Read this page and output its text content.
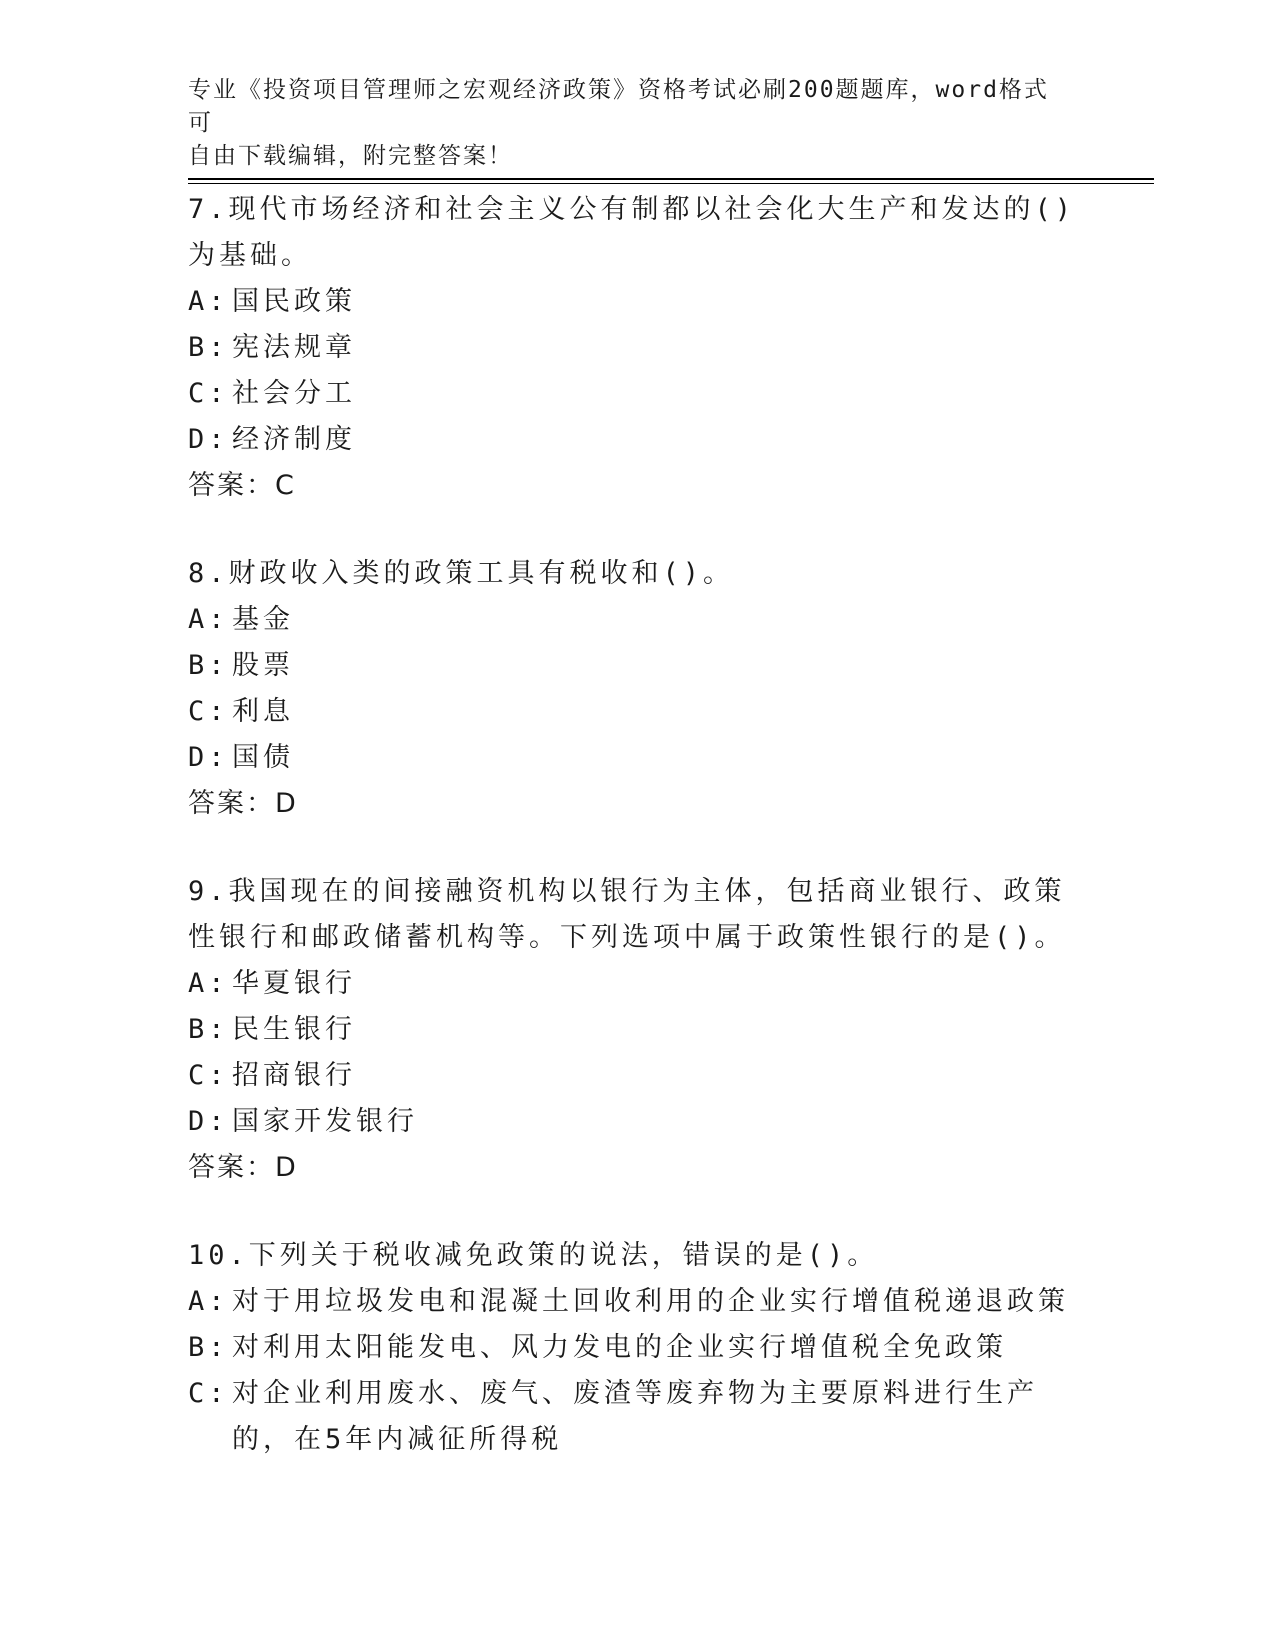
专业《投资项目管理师之宏观经济政策》资格考试必刷200题题库，word格式可
自由下载编辑，附完整答案！

7.现代市场经济和社会主义公有制都以社会化大生产和发达的()为基础。

A: 国民政策
B: 宪法规章
C: 社会分工
D: 经济制度

答案：C

8.财政收入类的政策工具有税收和()。

A: 基金
B: 股票
C: 利息
D: 国债

答案：D

9.我国现在的间接融资机构以银行为主体，包括商业银行、政策性银行和邮政储蓄机构等。下列选项中属于政策性银行的是()。

A: 华夏银行
B: 民生银行
C: 招商银行
D: 国家开发银行

答案：D

10.下列关于税收减免政策的说法，错误的是()。

A: 对于用垃圾发电和混凝土回收利用的企业实行增值税递退政策
B: 对利用太阳能发电、风力发电的企业实行增值税全免政策
C: 对企业利用废水、废气、废渣等废弃物为主要原料进行生产的，在5年内减征所得税
